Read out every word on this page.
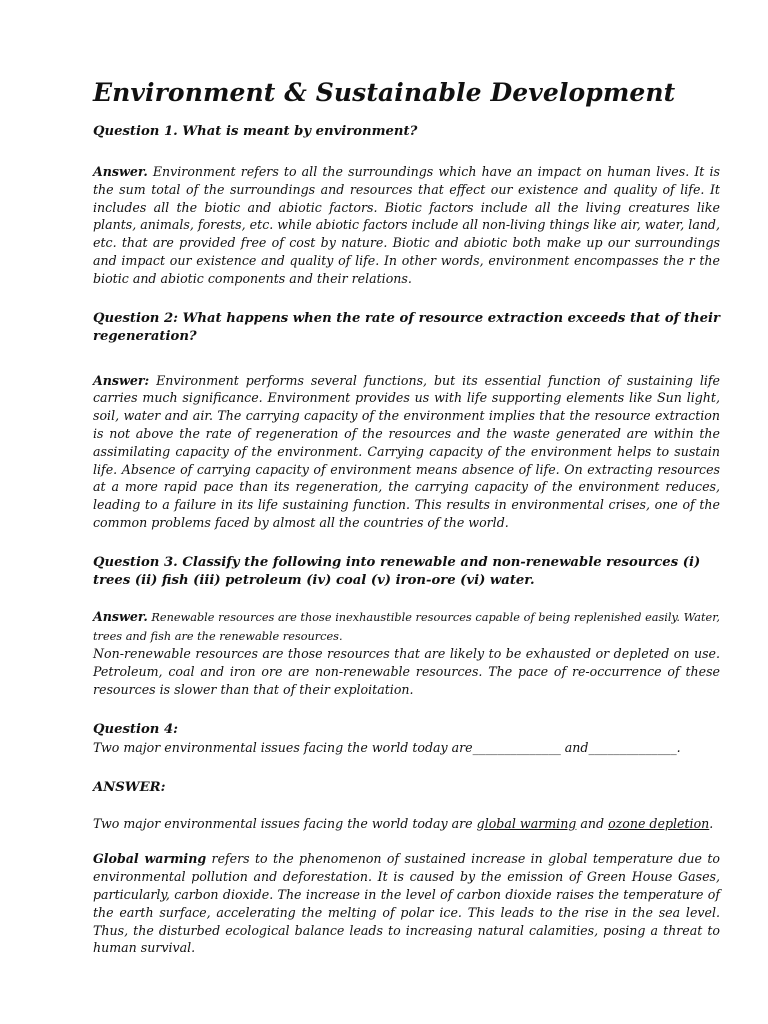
Environment & Sustainable Development

Question 1. What is meant by environment?

Answer. Environment refers to all the surroundings which have an impact on human lives. It is the sum total of the surroundings and resources that effect our existence and quality of life. It includes all the biotic and abiotic factors. Biotic factors include all the living creatures like plants, animals, forests, etc. while abiotic factors include all non-living things like air, water, land, etc. that are provided free of cost by nature. Biotic and abiotic both make up our surroundings and impact our existence and quality of life. In other words, environment encompasses the r the biotic and abiotic components and their relations.

Question 2: What happens when the rate of resource extraction exceeds that of their regeneration?

Answer: Environment performs several functions, but its essential function of sustaining life carries much significance. Environment provides us with life supporting elements like Sun light, soil, water and air. The carrying capacity of the environment implies that the resource extraction is not above the rate of regeneration of the resources and the waste generated are within the assimilating capacity of the environment. Carrying capacity of the environment helps to sustain life. Absence of carrying capacity of environment means absence of life. On extracting resources at a more rapid pace than its regeneration, the carrying capacity of the environment reduces, leading to a failure in its life sustaining function. This results in environmental crises, one of the common problems faced by almost all the countries of the world.

Question 3. Classify the following into renewable and non-renewable resources (i) trees (ii) fish (iii) petroleum (iv) coal (v) iron-ore (vi) water.

Answer. Renewable resources are those inexhaustible resources capable of being replenished easily. Water, trees and fish are the renewable resources.

Non-renewable resources are those resources that are likely to be exhausted or depleted on use. Petroleum, coal and iron ore are non-renewable resources. The pace of re-occurrence of these resources is slower than that of their exploitation.

Question 4:

Two major environmental issues facing the world today are______________ and______________.

ANSWER:

Two major environmental issues facing the world today are global warming and ozone depletion.

Global warming refers to the phenomenon of sustained increase in global temperature due to environmental pollution and deforestation. It is caused by the emission of Green House Gases, particularly, carbon dioxide. The increase in the level of carbon dioxide raises the temperature of the earth surface, accelerating the melting of polar ice. This leads to the rise in the sea level. Thus, the disturbed ecological balance leads to increasing natural calamities, posing a threat to human survival.
